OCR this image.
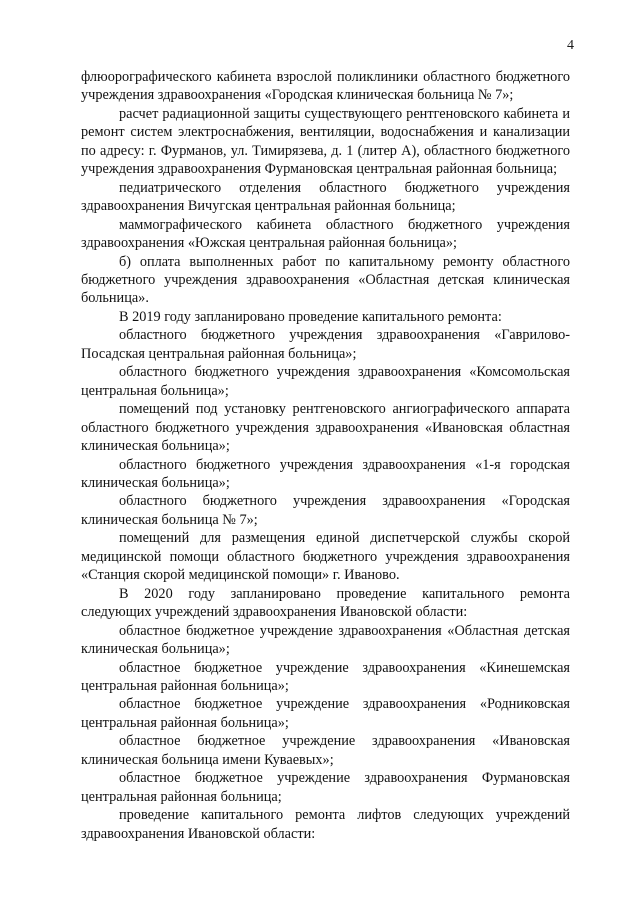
4

флюорографического кабинета взрослой поликлиники областного бюджетного учреждения здравоохранения «Городская клиническая больница № 7»;

расчет радиационной защиты существующего рентгеновского кабинета и ремонт систем электроснабжения, вентиляции, водоснабжения и канализации по адресу: г. Фурманов, ул. Тимирязева, д. 1 (литер А), областного бюджетного учреждения здравоохранения Фурмановская центральная районная больница;

педиатрического отделения областного бюджетного учреждения здравоохранения Вичугская центральная районная больница;

маммографического кабинета областного бюджетного учреждения здравоохранения «Южская центральная районная больница»;

б) оплата выполненных работ по капитальному ремонту областного бюджетного учреждения здравоохранения «Областная детская клиническая больница».

В 2019 году запланировано проведение капитального ремонта:

областного бюджетного учреждения здравоохранения «Гаврилово-Посадская центральная районная больница»;

областного бюджетного учреждения здравоохранения «Комсомольская центральная больница»;

помещений под установку рентгеновского ангиографического аппарата областного бюджетного учреждения здравоохранения «Ивановская областная клиническая больница»;

областного бюджетного учреждения здравоохранения «1-я городская клиническая больница»;

областного бюджетного учреждения здравоохранения «Городская клиническая больница № 7»;

помещений для размещения единой диспетчерской службы скорой медицинской помощи областного бюджетного учреждения здравоохранения «Станция скорой медицинской помощи» г. Иваново.

В 2020 году запланировано проведение капитального ремонта следующих учреждений здравоохранения Ивановской области:

областное бюджетное учреждение здравоохранения «Областная детская клиническая больница»;

областное бюджетное учреждение здравоохранения «Кинешемская центральная районная больница»;

областное бюджетное учреждение здравоохранения «Родниковская центральная районная больница»;

областное бюджетное учреждение здравоохранения «Ивановская клиническая больница имени Куваевых»;

областное бюджетное учреждение здравоохранения Фурмановская центральная районная больница;

проведение капитального ремонта лифтов следующих учреждений здравоохранения Ивановской области:
